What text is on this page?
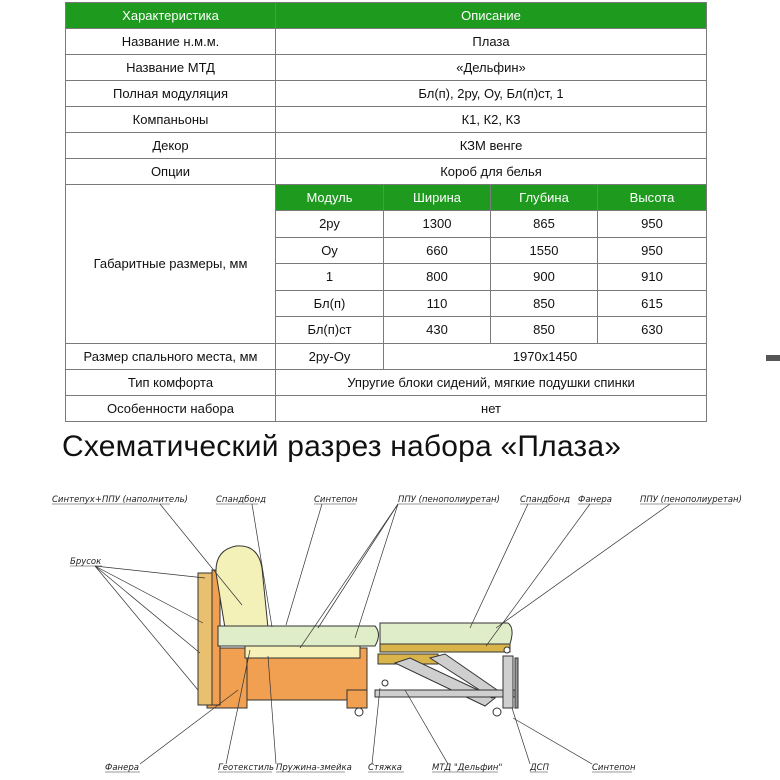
Характеристика	Описание			
Название н.м.м.	Плаза			
Название МТД	«Дельфин»			
Полная модуляция	Бл(п), 2ру, Оу, Бл(п)ст, 1			
Компаньоны	К1, К2, К3			
Декор	КЗМ венге			
Опции	Короб для белья			
Габаритные размеры, мм	Модуль	Ширина	Глубина	Высота
	2ру	1300	865	950
	Оу	660	1550	950
	1	800	900	910
	Бл(п)	110	850	615
	Бл(п)ст	430	850	630
Размер спального места, мм	2ру-Оу	1970х1450		
Тип комфорта	Упругие блоки сидений, мягкие подушки спинки			
Особенности набора	нет			
Схематический разрез набора «Плаза»
Синтепух+ППУ (наполнитель)	Спандбонд	Синтепон	ППУ (пенополиуретан) Спандбонд Фанера	ППУ (пенополиуретан)
Брусок
Фанера	Геотекстиль Пружина-змейка Стяжка	МТД "Дельфин"	ДСП	Синтепон
